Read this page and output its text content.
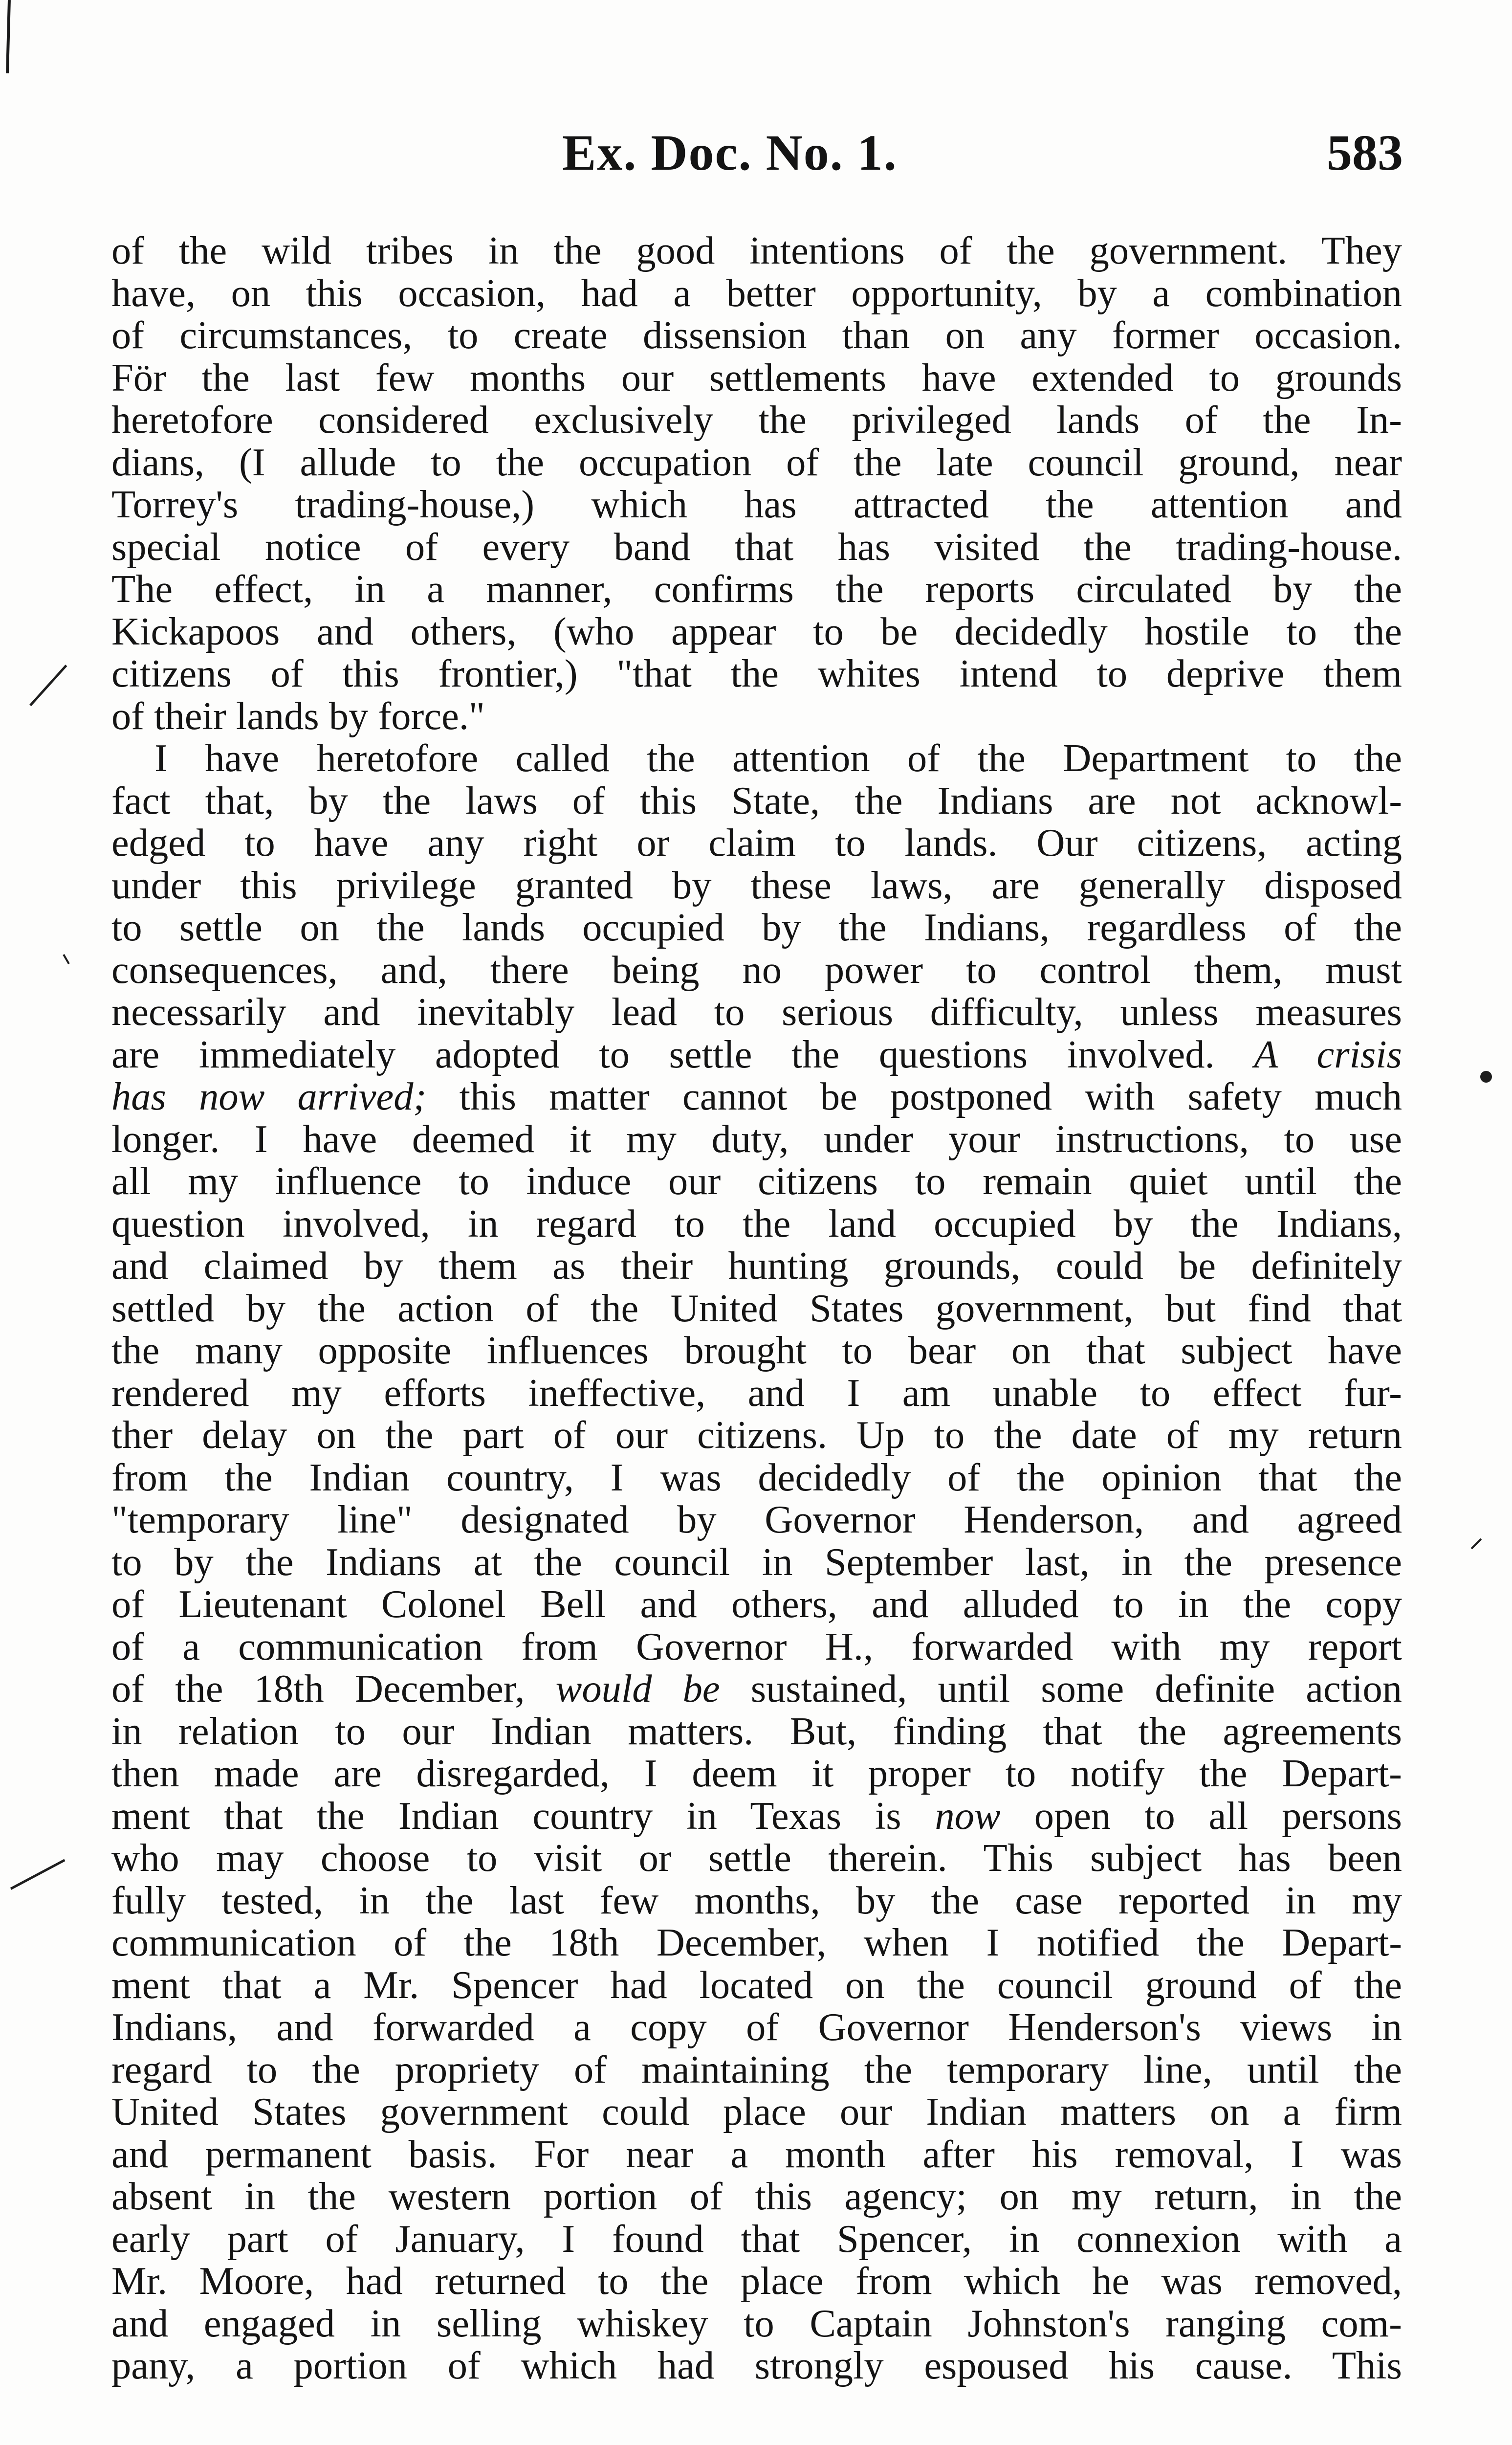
Ex. Doc. No. 1.	583
of the wild tribes in the good intentions of the government. They
have, on this occasion, had a better opportunity, by a combination
of circumstances, to create dissension than on any former occasion.
För the last few months our settlements have extended to grounds
heretofore considered exclusively the privileged lands of the In-
dians, (I allude to the occupation of the late council ground, near
Torrey's trading-house,) which has attracted the attention and
special notice of every band that has visited the trading-house.
The effect, in a manner, confirms the reports circulated by the
Kickapoos and others, (who appear to be decidedly hostile to the
citizens of this frontier,) "that the whites intend to deprive them
of their lands by force."
I have heretofore called the attention of the Department to the
fact that, by the laws of this State, the Indians are not acknowl-
edged to have any right or claim to lands. Our citizens, acting
under this privilege granted by these laws, are generally disposed
to settle on the lands occupied by the Indians, regardless of the
consequences, and, there being no power to control them, must
necessarily and inevitably lead to serious difficulty, unless measures
are immediately adopted to settle the questions involved. A crisis
has now arrived; this matter cannot be postponed with safety much
longer. I have deemed it my duty, under your instructions, to use
all my influence to induce our citizens to remain quiet until the
question involved, in regard to the land occupied by the Indians,
and claimed by them as their hunting grounds, could be definitely
settled by the action of the United States government, but find that
the many opposite influences brought to bear on that subject have
rendered my efforts ineffective, and I am unable to effect fur-
ther delay on the part of our citizens. Up to the date of my return
from the Indian country, I was decidedly of the opinion that the
"temporary line" designated by Governor Henderson, and agreed
to by the Indians at the council in September last, in the presence
of Lieutenant Colonel Bell and others, and alluded to in the copy
of a communication from Governor H., forwarded with my report
of the 18th December, would be sustained, until some definite action
in relation to our Indian matters. But, finding that the agreements
then made are disregarded, I deem it proper to notify the Depart-
ment that the Indian country in Texas is now open to all persons
who may choose to visit or settle therein. This subject has been
fully tested, in the last few months, by the case reported in my
communication of the 18th December, when I notified the Depart-
ment that a Mr. Spencer had located on the council ground of the
Indians, and forwarded a copy of Governor Henderson's views in
regard to the propriety of maintaining the temporary line, until the
United States government could place our Indian matters on a firm
and permanent basis. For near a month after his removal, I was
absent in the western portion of this agency; on my return, in the
early part of January, I found that Spencer, in connexion with a
Mr. Moore, had returned to the place from which he was removed,
and engaged in selling whiskey to Captain Johnston's ranging com-
pany, a portion of which had strongly espoused his cause. This
